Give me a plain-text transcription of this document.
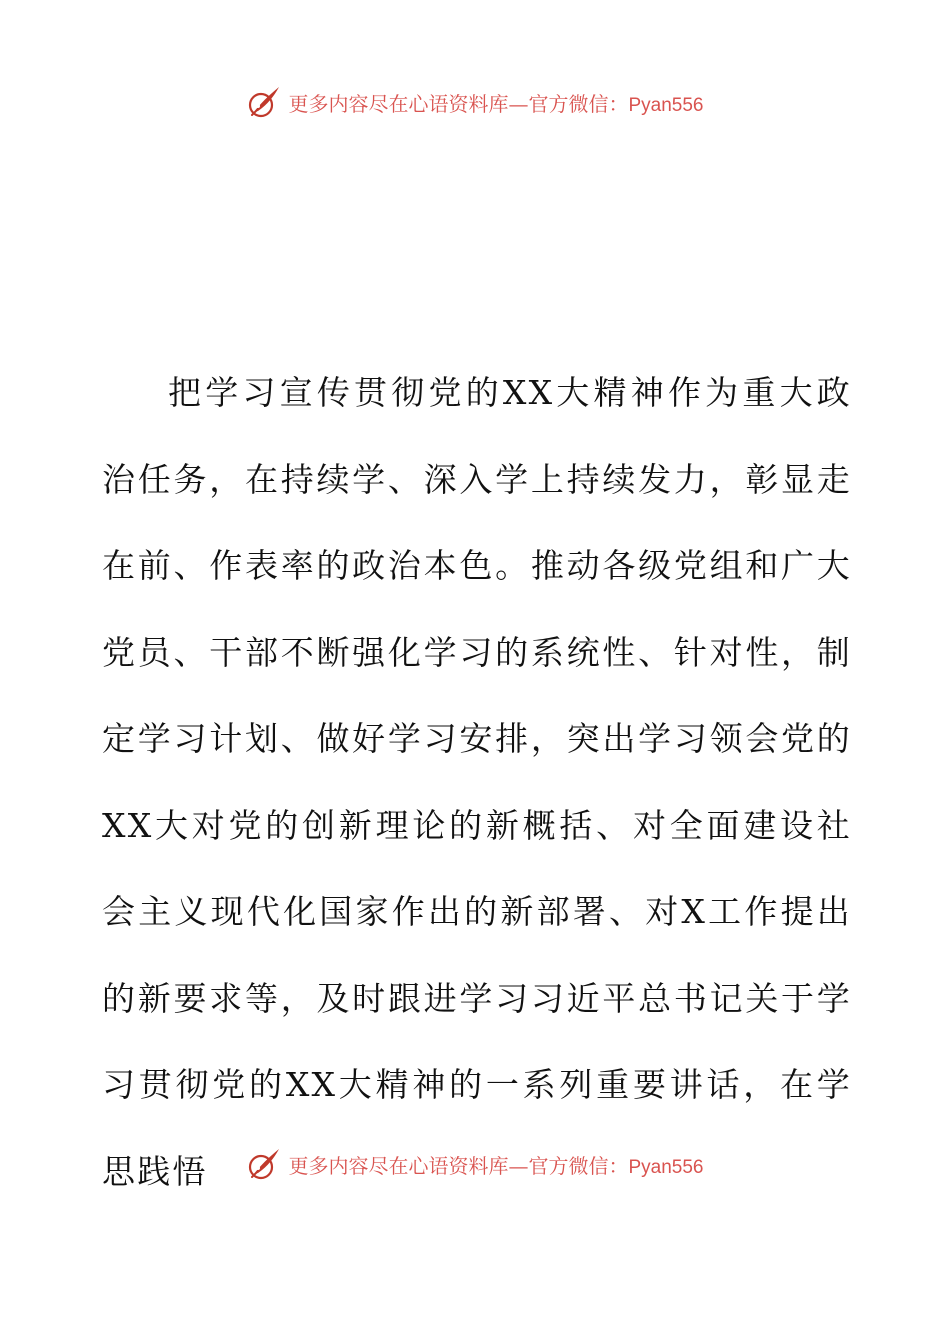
更多内容尽在心语资料库—官方微信：Pyan556

把学习宣传贯彻党的XX大精神作为重大政治任务，在持续学、深入学上持续发力，彰显走在前、作表率的政治本色。推动各级党组和广大党员、干部不断强化学习的系统性、针对性，制定学习计划、做好学习安排，突出学习领会党的XX大对党的创新理论的新概括、对全面建设社会主义现代化国家作出的新部署、对X工作提出的新要求等，及时跟进学习习近平总书记关于学习贯彻党的XX大精神的一系列重要讲话，在学思践悟	更多内容尽在心语资料库—官方微信：Pyan556
